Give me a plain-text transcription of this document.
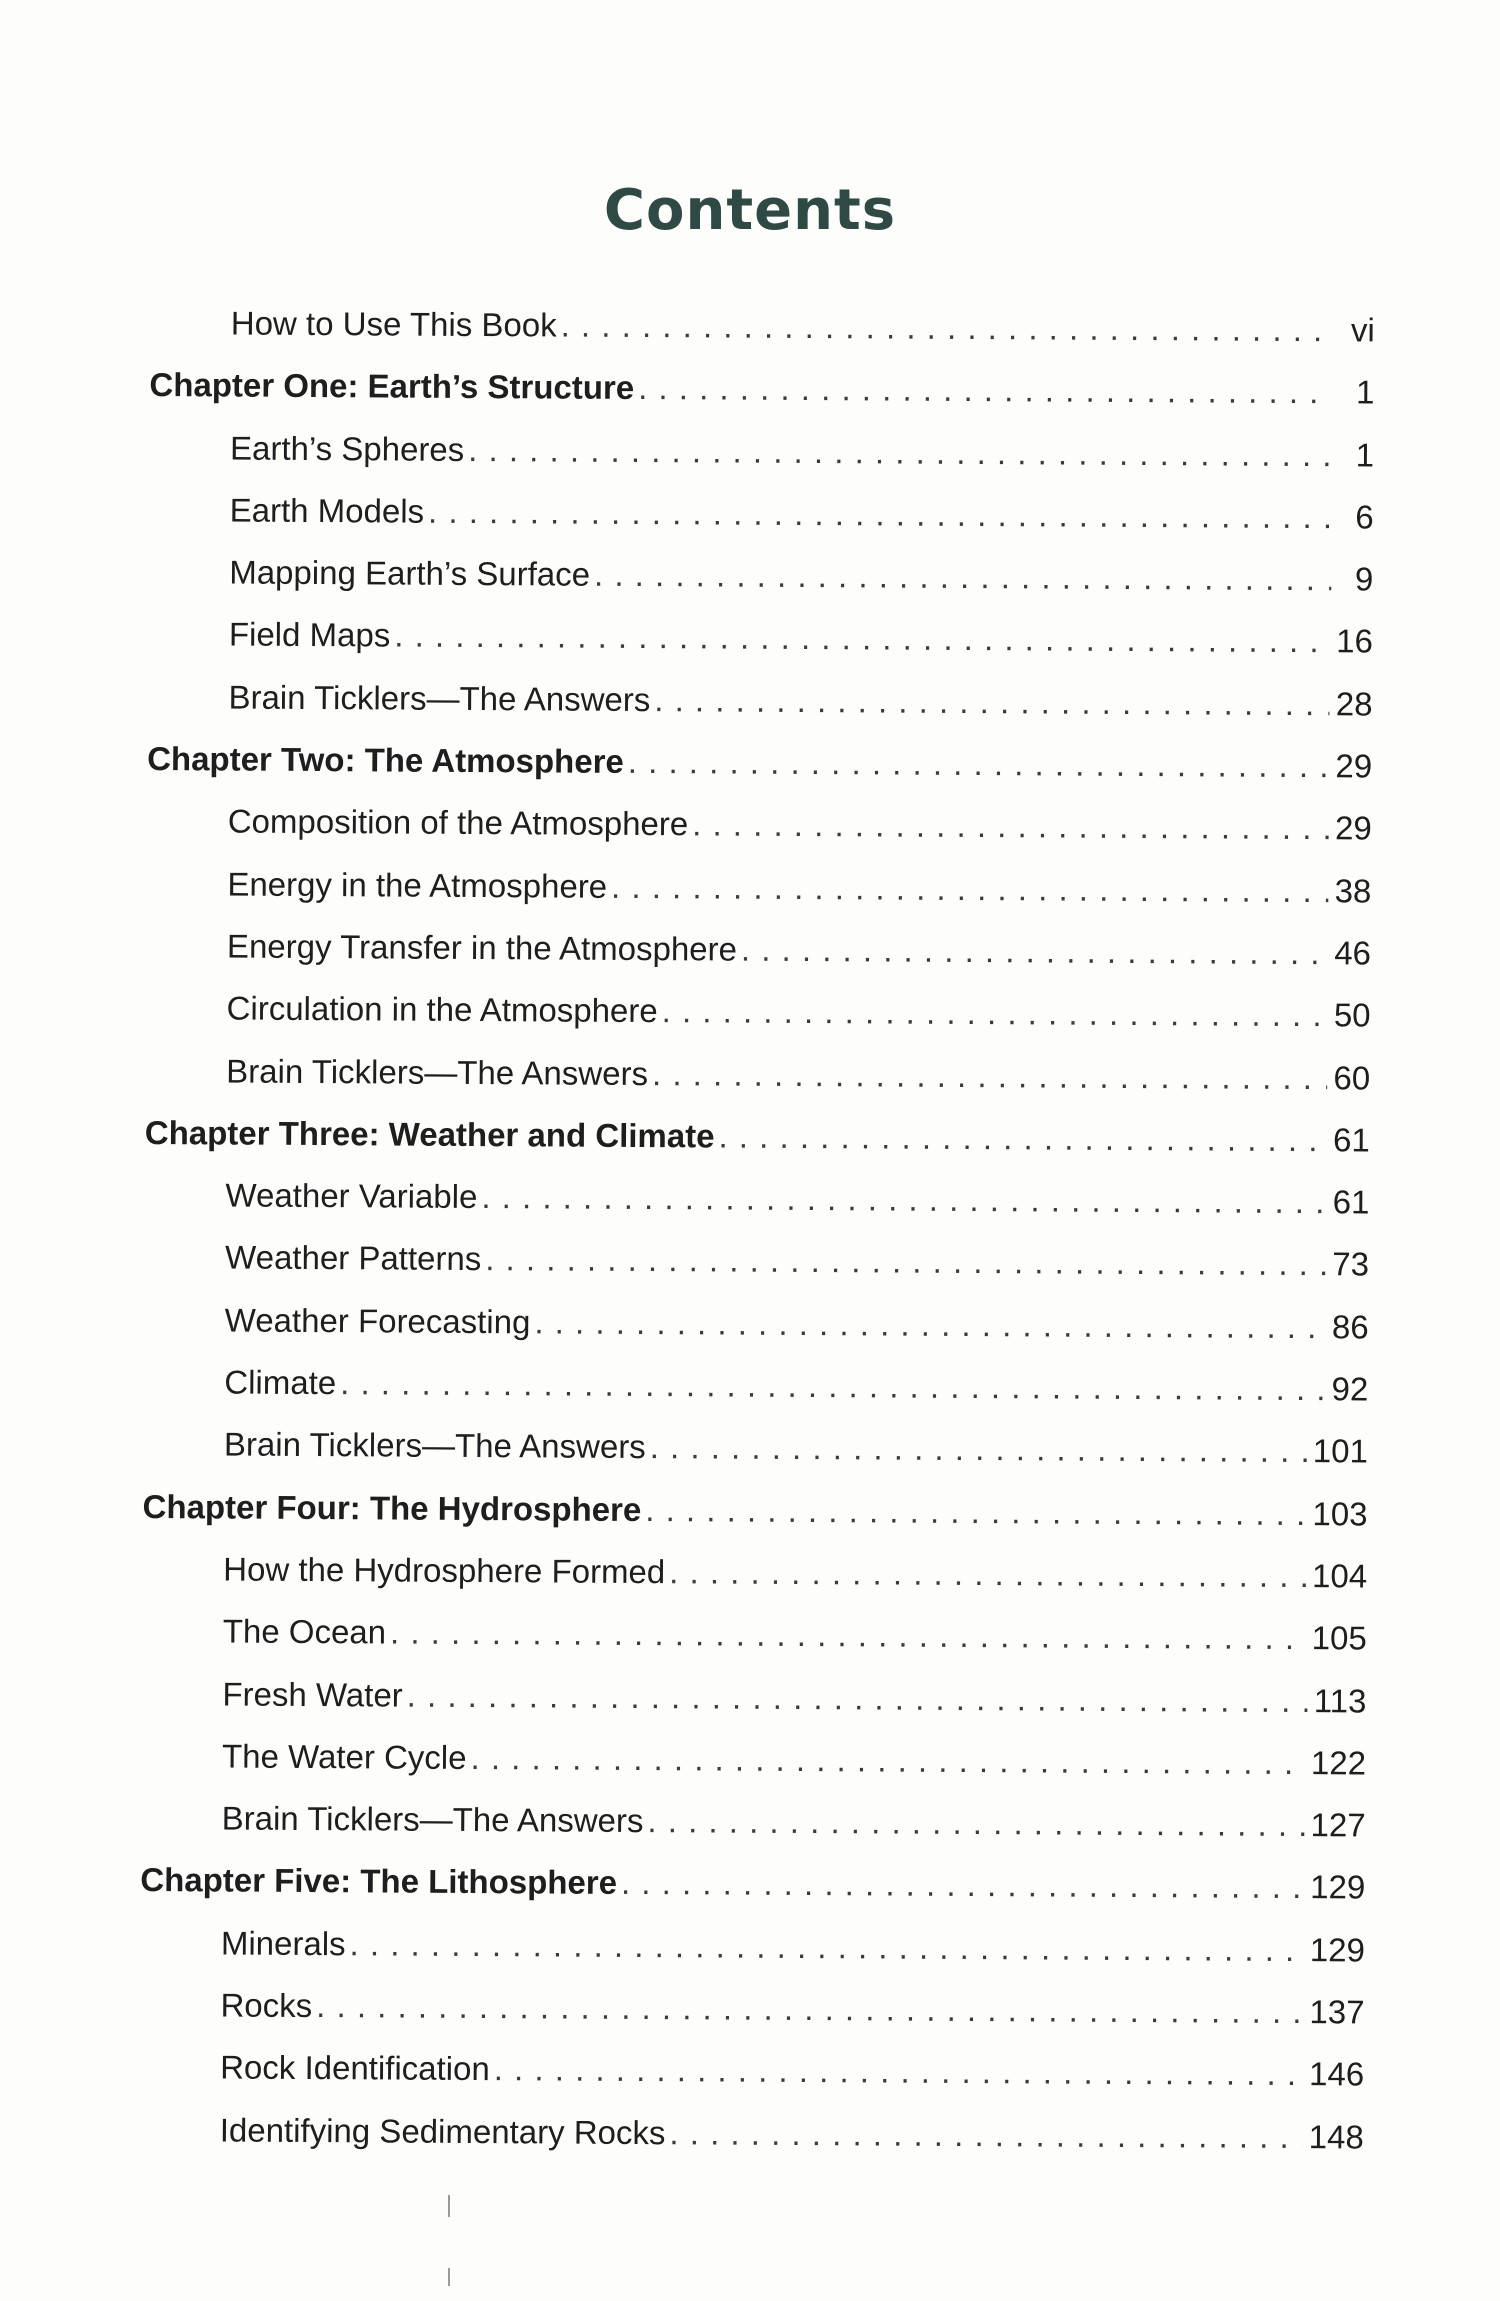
Contents
How to Use This Book . . .	vi
Chapter One: Earth’s Structure . . .	1
Earth’s Spheres . . .	1
Earth Models . . .	6
Mapping Earth’s Surface . . .	9
Field Maps . . .	16
Brain Ticklers—The Answers . . .	28
Chapter Two: The Atmosphere . . .	29
Composition of the Atmosphere . . .	29
Energy in the Atmosphere . . .	38
Energy Transfer in the Atmosphere . . .	46
Circulation in the Atmosphere . . .	50
Brain Ticklers—The Answers . . .	60
Chapter Three: Weather and Climate . . .	61
Weather Variable . . .	61
Weather Patterns . . .	73
Weather Forecasting . . .	86
Climate . . .	92
Brain Ticklers—The Answers . . .	101
Chapter Four: The Hydrosphere . . .	103
How the Hydrosphere Formed . . .	104
The Ocean . . .	105
Fresh Water . . .	113
The Water Cycle . . .	122
Brain Ticklers—The Answers . . .	127
Chapter Five: The Lithosphere . . .	129
Minerals . . .	129
Rocks . . .	137
Rock Identification . . .	146
Identifying Sedimentary Rocks . . .	148
